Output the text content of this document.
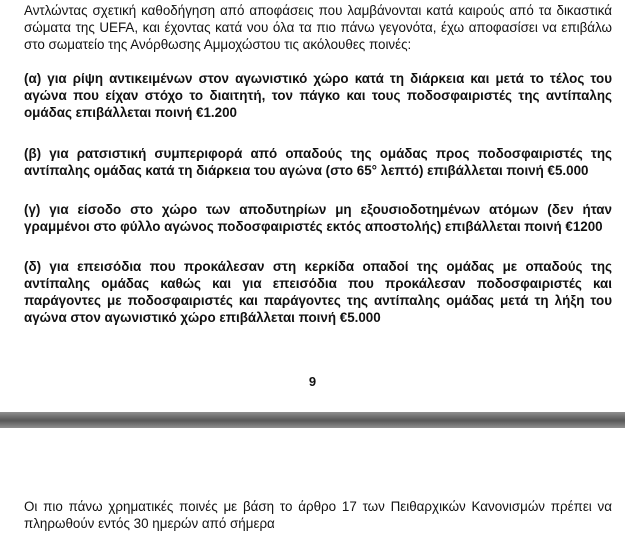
Αντλώντας σχετική καθοδήγηση από αποφάσεις που λαμβάνονται κατά καιρούς από τα δικαστικά σώματα της UEFA, και έχοντας κατά νου όλα τα πιο πάνω γεγονότα, έχω αποφασίσει να επιβάλω στο σωματείο της Ανόρθωσης Αμμοχώστου τις ακόλουθες ποινές:

(α) για ρίψη αντικειμένων στον αγωνιστικό χώρο κατά τη διάρκεια και μετά το τέλος του αγώνα που είχαν στόχο το διαιτητή, τον πάγκο και τους ποδοσφαιριστές της αντίπαλης ομάδας επιβάλλεται ποινή €1.200

(β) για ρατσιστική συμπεριφορά από οπαδούς της ομάδας προς ποδοσφαιριστές της αντίπαλης ομάδας κατά τη διάρκεια του αγώνα (στο 65° λεπτό) επιβάλλεται ποινή €5.000

(γ) για είσοδο στο χώρο των αποδυτηρίων μη εξουσιοδοτημένων ατόμων (δεν ήταν γραμμένοι στο φύλλο αγώνος ποδοσφαιριστές εκτός αποστολής) επιβάλλεται ποινή €1200

(δ) για επεισόδια που προκάλεσαν στη κερκίδα οπαδοί της ομάδας με οπαδούς της αντίπαλης ομάδας καθώς και για επεισόδια που προκάλεσαν ποδοσφαιριστές και παράγοντες με ποδοσφαιριστές και παράγοντες της αντίπαλης ομάδας μετά τη λήξη του αγώνα στον αγωνιστικό χώρο επιβάλλεται ποινή €5.000

9

Οι πιο πάνω χρηματικές ποινές με βάση το άρθρο 17 των Πειθαρχικών Κανονισμών πρέπει να πληρωθούν εντός 30 ημερών από σήμερα
